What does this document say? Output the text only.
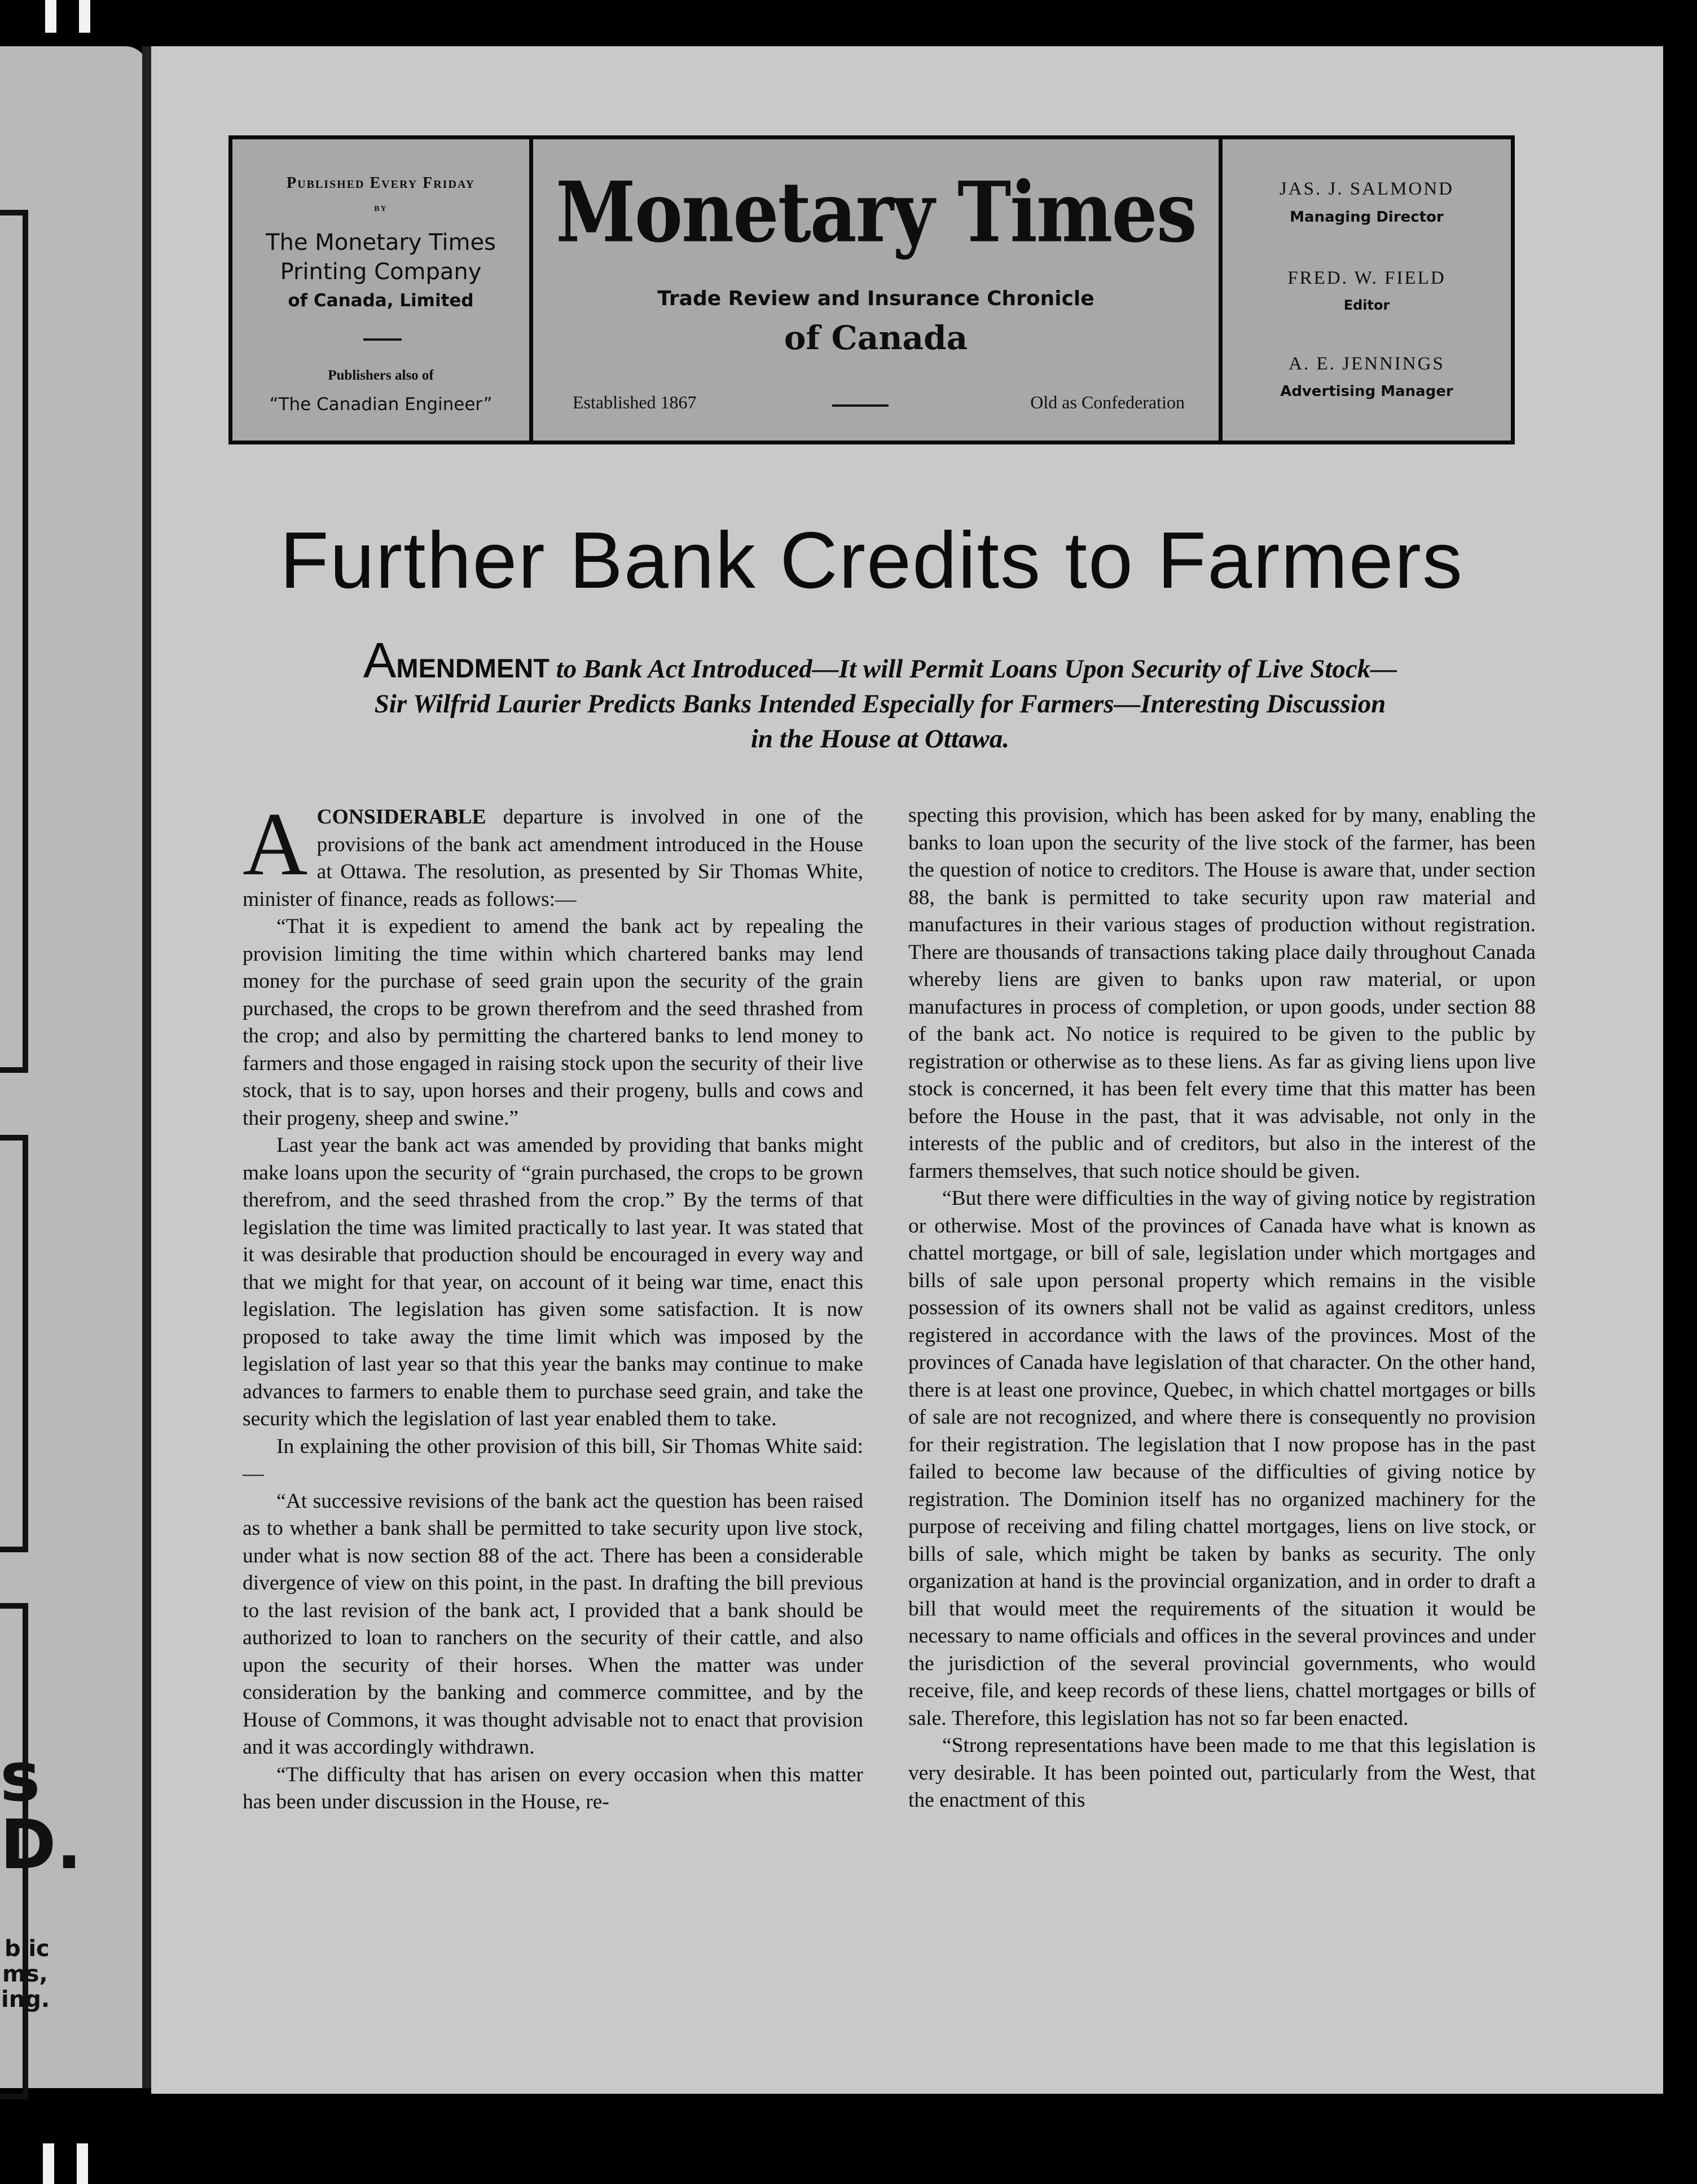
s
D.
blic
ms,
ing.
Published Every Friday
by
The Monetary Times
Printing Company
of Canada, Limited
Publishers also of
“The Canadian Engineer”
Monetary Times
Trade Review and Insurance Chronicle
of Canada
Established 1867	Old as Confederation
JAS. J. SALMOND
Managing Director
FRED. W. FIELD
Editor
A. E. JENNINGS
Advertising Manager
Further Bank Credits to Farmers
AMENDMENT to Bank Act Introduced—It will Permit Loans Upon Security of Live Stock—Sir Wilfrid Laurier Predicts Banks Intended Especially for Farmers—Interesting Discussion in the House at Ottawa.

ACONSIDERABLE departure is involved in one of the provisions of the bank act amendment introduced in the House at Ottawa. The resolution, as presented by Sir Thomas White, minister of finance, reads as follows:—

“That it is expedient to amend the bank act by repealing the provision limiting the time within which chartered banks may lend money for the purchase of seed grain upon the security of the grain purchased, the crops to be grown therefrom and the seed thrashed from the crop; and also by permitting the chartered banks to lend money to farmers and those engaged in raising stock upon the security of their live stock, that is to say, upon horses and their progeny, bulls and cows and their progeny, sheep and swine.”

Last year the bank act was amended by providing that banks might make loans upon the security of “grain purchased, the crops to be grown therefrom, and the seed thrashed from the crop.” By the terms of that legislation the time was limited practically to last year. It was stated that it was desirable that production should be encouraged in every way and that we might for that year, on account of it being war time, enact this legislation. The legislation has given some satisfaction. It is now proposed to take away the time limit which was imposed by the legislation of last year so that this year the banks may continue to make advances to farmers to enable them to purchase seed grain, and take the security which the legislation of last year enabled them to take.

In explaining the other provision of this bill, Sir Thomas White said:—

“At successive revisions of the bank act the question has been raised as to whether a bank shall be permitted to take security upon live stock, under what is now section 88 of the act. There has been a considerable divergence of view on this point, in the past. In drafting the bill previous to the last revision of the bank act, I provided that a bank should be authorized to loan to ranchers on the security of their cattle, and also upon the security of their horses. When the matter was under consideration by the banking and commerce committee, and by the House of Commons, it was thought advisable not to enact that provision and it was accordingly withdrawn.

“The difficulty that has arisen on every occasion when this matter has been under discussion in the House, re-

specting this provision, which has been asked for by many, enabling the banks to loan upon the security of the live stock of the farmer, has been the question of notice to creditors. The House is aware that, under section 88, the bank is permitted to take security upon raw material and manufactures in their various stages of production without registration. There are thousands of transactions taking place daily throughout Canada whereby liens are given to banks upon raw material, or upon manufactures in process of completion, or upon goods, under section 88 of the bank act. No notice is required to be given to the public by registration or otherwise as to these liens. As far as giving liens upon live stock is concerned, it has been felt every time that this matter has been before the House in the past, that it was advisable, not only in the interests of the public and of creditors, but also in the interest of the farmers themselves, that such notice should be given.

“But there were difficulties in the way of giving notice by registration or otherwise. Most of the provinces of Canada have what is known as chattel mortgage, or bill of sale, legislation under which mortgages and bills of sale upon personal property which remains in the visible possession of its owners shall not be valid as against creditors, unless registered in accordance with the laws of the provinces. Most of the provinces of Canada have legislation of that character. On the other hand, there is at least one province, Quebec, in which chattel mortgages or bills of sale are not recognized, and where there is consequently no provision for their registration. The legislation that I now propose has in the past failed to become law because of the difficulties of giving notice by registration. The Dominion itself has no organized machinery for the purpose of receiving and filing chattel mortgages, liens on live stock, or bills of sale, which might be taken by banks as security. The only organization at hand is the provincial organization, and in order to draft a bill that would meet the requirements of the situation it would be necessary to name officials and offices in the several provinces and under the jurisdiction of the several provincial governments, who would receive, file, and keep records of these liens, chattel mortgages or bills of sale. Therefore, this legislation has not so far been enacted.

“Strong representations have been made to me that this legislation is very desirable. It has been pointed out, particularly from the West, that the enactment of this
